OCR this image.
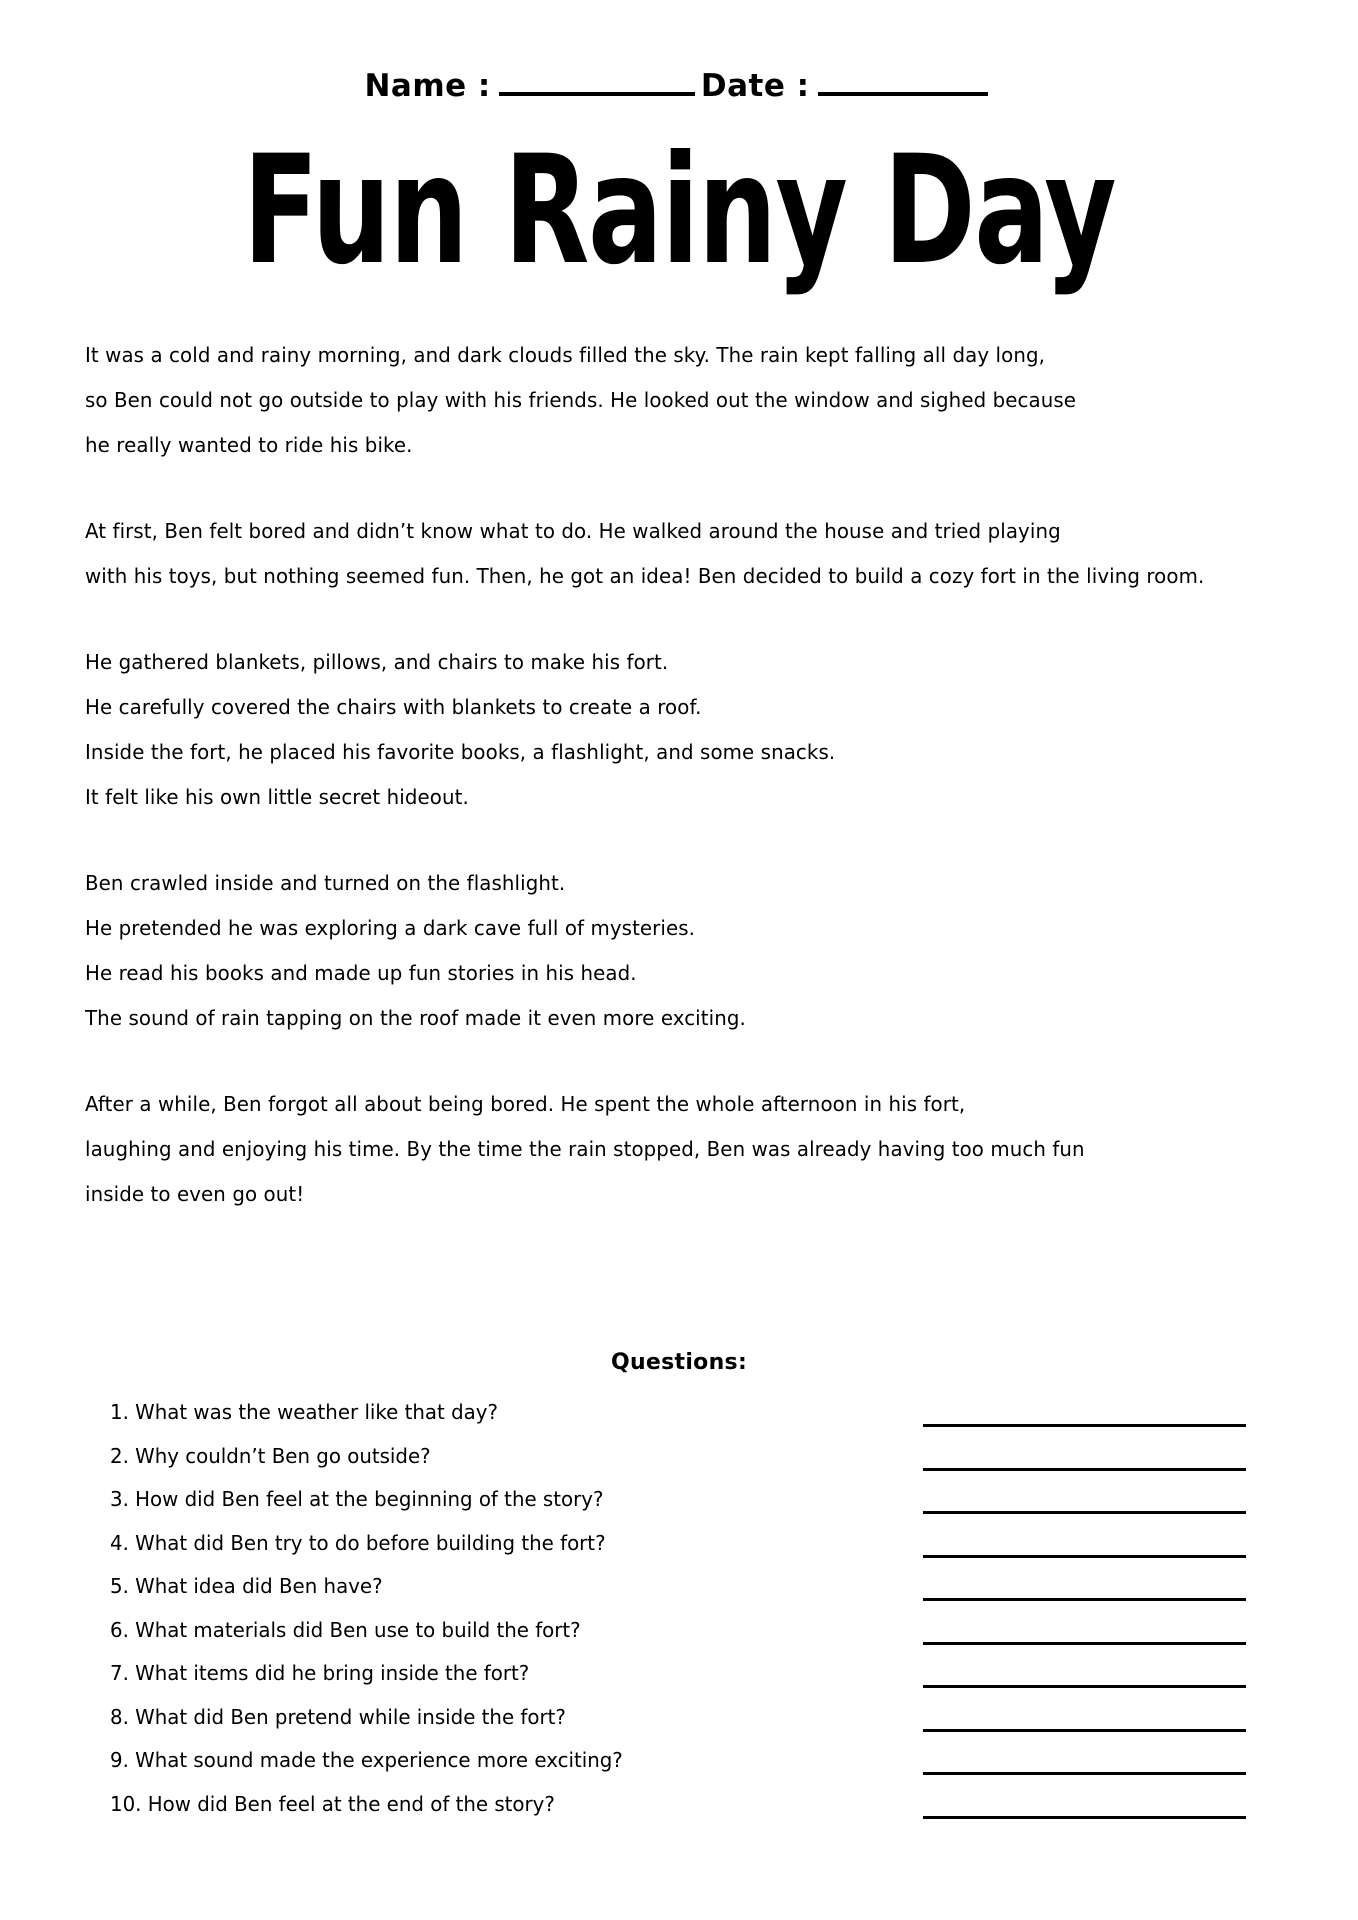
Name :	Date :
Fun Rainy Day
It was a cold and rainy morning, and dark clouds filled the sky. The rain kept falling all day long,
so Ben could not go outside to play with his friends. He looked out the window and sighed because
he really wanted to ride his bike.
At first, Ben felt bored and didn’t know what to do. He walked around the house and tried playing
with his toys, but nothing seemed fun. Then, he got an idea! Ben decided to build a cozy fort in the living room.
He gathered blankets, pillows, and chairs to make his fort.
He carefully covered the chairs with blankets to create a roof.
Inside the fort, he placed his favorite books, a flashlight, and some snacks.
It felt like his own little secret hideout.
Ben crawled inside and turned on the flashlight.
He pretended he was exploring a dark cave full of mysteries.
He read his books and made up fun stories in his head.
The sound of rain tapping on the roof made it even more exciting.
After a while, Ben forgot all about being bored. He spent the whole afternoon in his fort,
laughing and enjoying his time. By the time the rain stopped, Ben was already having too much fun
inside to even go out!
Questions:
1. What was the weather like that day?
2. Why couldn’t Ben go outside?
3. How did Ben feel at the beginning of the story?
4. What did Ben try to do before building the fort?
5. What idea did Ben have?
6. What materials did Ben use to build the fort?
7. What items did he bring inside the fort?
8. What did Ben pretend while inside the fort?
9. What sound made the experience more exciting?
10. How did Ben feel at the end of the story?
